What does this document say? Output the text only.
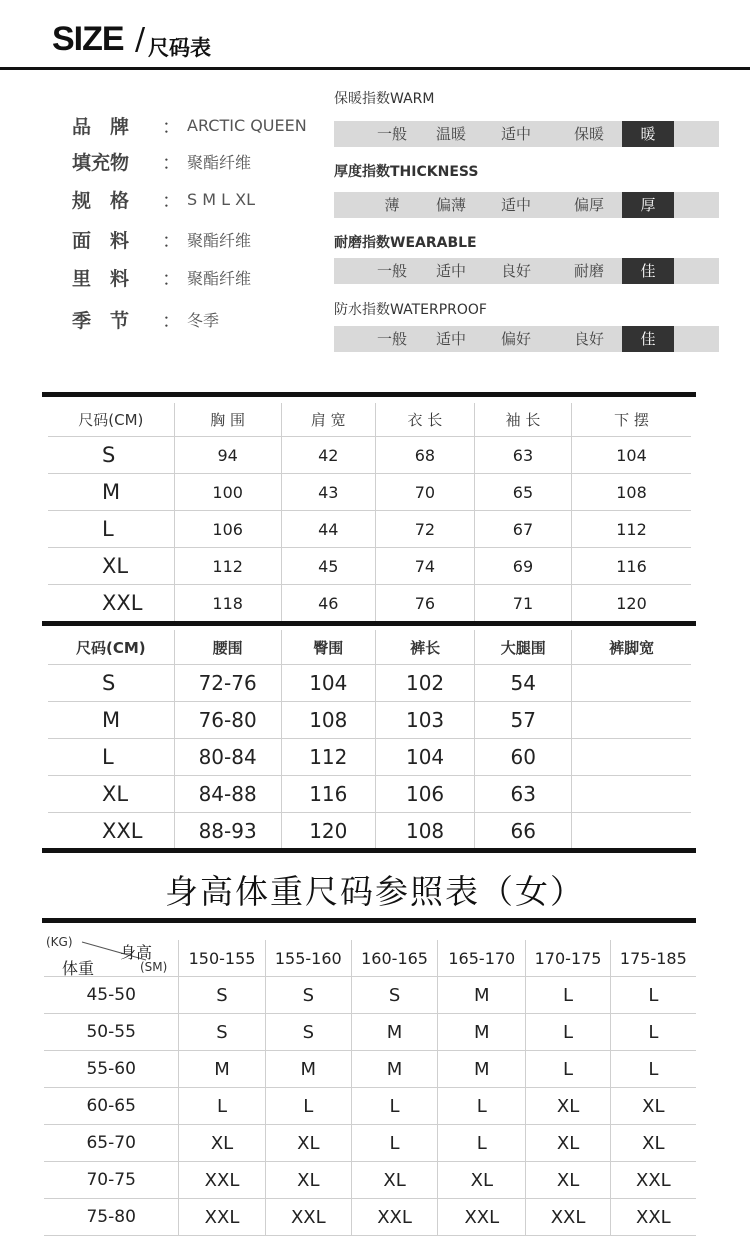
SIZE / 尺码表
品　牌	： ARCTIC QUEEN
填充物	： 聚酯纤维
规　格	： S M L XL
面　料	： 聚酯纤维
里　料	： 聚酯纤维
季　节	： 冬季
保暖指数WARM
一般	温暖	适中	保暖	暖
厚度指数THICKNESS
薄	偏薄	适中	偏厚	厚
耐磨指数WEARABLE
一般	适中	良好	耐磨	佳
防水指数WATERPROOF
一般	适中	偏好	良好	佳
尺码(CM)	胸 围	肩 宽	衣 长	袖 长	下 摆
S	94	42	68	63	104
M	100	43	70	65	108
L	106	44	72	67	112
XL	112	45	74	69	116
XXL	118	46	76	71	120
尺码(CM)	腰围	臀围	裤长	大腿围	裤脚宽
S	72-76	104	102	54	
M	76-80	108	103	57	
L	80-84	112	104	60	
XL	84-88	116	106	63	
XXL	88-93	120	108	66	
身高体重尺码参照表（女）
(KG)
身高
体重	(SM)
	150-155	155-160	160-165	165-170	170-175	175-185
45-50	S	S	S	M	L	L
50-55	S	S	M	M	L	L
55-60	M	M	M	M	L	L
60-65	L	L	L	L	XL	XL
65-70	XL	XL	L	L	XL	XL
70-75	XXL	XL	XL	XL	XL	XXL
75-80	XXL	XXL	XXL	XXL	XXL	XXL
